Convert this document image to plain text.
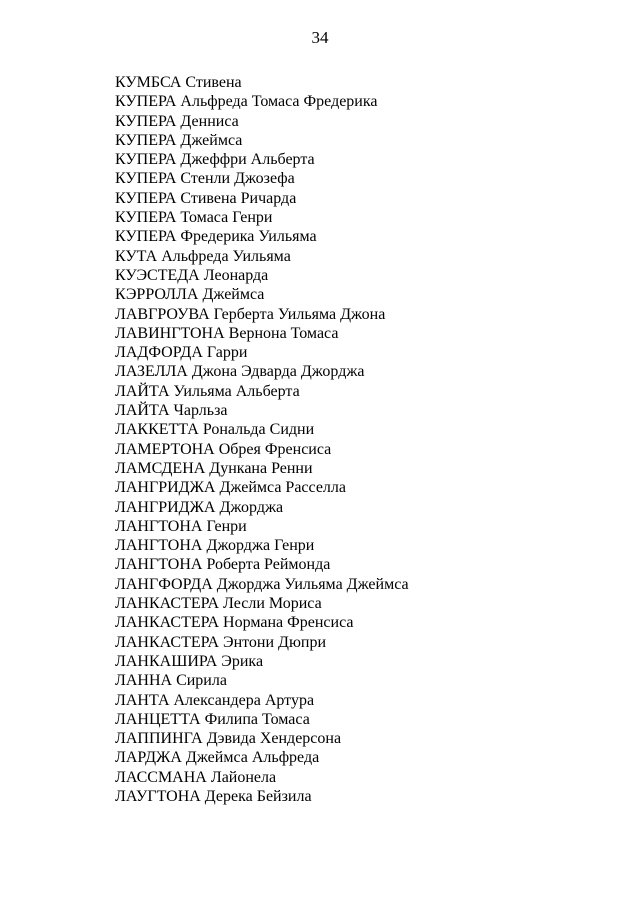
34
КУМБСА Стивена
КУПЕРА Альфреда Томаса Фредерика
КУПЕРА Денниса
КУПЕРА Джеймса
КУПЕРА Джеффри Альберта
КУПЕРА Стенли Джозефа
КУПЕРА Стивена Ричарда
КУПЕРА Томаса Генри
КУПЕРА Фредерика Уильяма
КУТА Альфреда Уильяма
КУЭСТЕДА Леонарда
КЭРРОЛЛА Джеймса
ЛАВГРОУВА Герберта Уильяма Джона
ЛАВИНГТОНА Вернона Томаса
ЛАДФОРДА Гарри
ЛАЗЕЛЛА Джона Эдварда Джорджа
ЛАЙТА Уильяма Альберта
ЛАЙТА Чарльза
ЛАККЕТТА Рональда Сидни
ЛАМЕРТОНА Обрея Френсиса
ЛАМСДЕНА Дункана Ренни
ЛАНГРИДЖА Джеймса Расселла
ЛАНГРИДЖА Джорджа
ЛАНГТОНА Генри
ЛАНГТОНА Джорджа Генри
ЛАНГТОНА Роберта Реймонда
ЛАНГФОРДА Джорджа Уильяма Джеймса
ЛАНКАСТЕРА Лесли Мориса
ЛАНКАСТЕРА Нормана Френсиса
ЛАНКАСТЕРА Энтони Дюпри
ЛАНКАШИРА Эрика
ЛАННА Сирила
ЛАНТА Александера Артура
ЛАНЦЕТТА Филипа Томаса
ЛАППИНГА Дэвида Хендерсона
ЛАРДЖА Джеймса Альфреда
ЛАССМАНА Лайонела
ЛАУГТОНА Дерека Бейзила
